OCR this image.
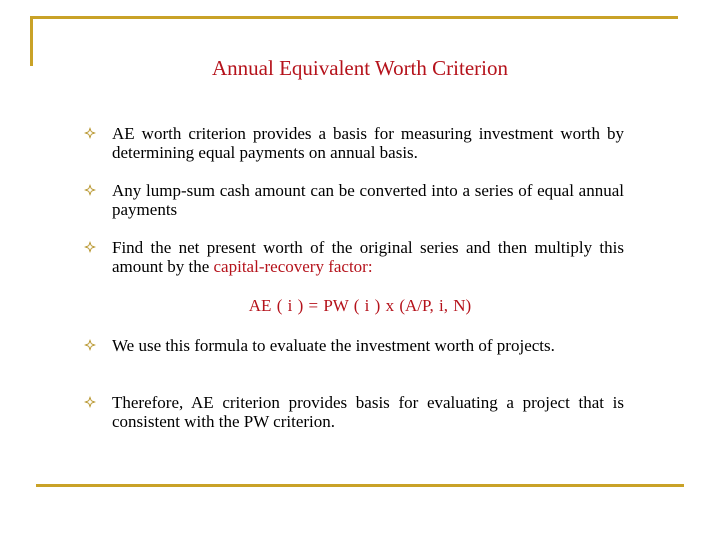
Annual Equivalent Worth Criterion
AE worth criterion provides a basis for measuring investment worth by determining equal payments on annual basis.
Any lump-sum cash amount can be converted into a series of equal annual payments
Find the net present worth of the original series and then multiply this amount by the capital-recovery factor:
AE ( i ) = PW ( i ) x (A/P, i, N)
We use this formula to evaluate the investment worth of projects.
Therefore, AE criterion provides basis for evaluating a project that is consistent with the PW criterion.
